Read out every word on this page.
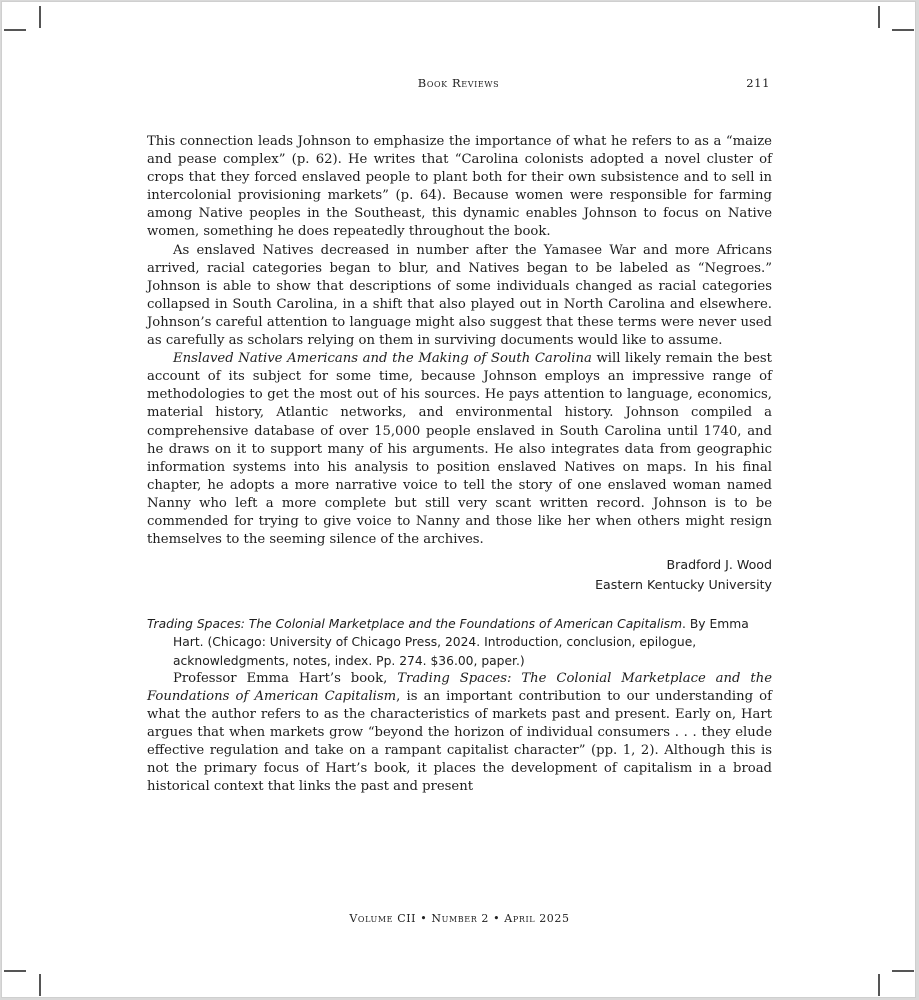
Book Reviews	211

This connection leads Johnson to emphasize the importance of what he refers to as a “maize and pease complex” (p. 62). He writes that “Carolina colonists adopted a novel cluster of crops that they forced enslaved people to plant both for their own subsistence and to sell in intercolonial provisioning markets” (p. 64). Because women were responsible for farming among Native peoples in the Southeast, this dynamic enables Johnson to focus on Native women, something he does repeatedly throughout the book.

As enslaved Natives decreased in number after the Yamasee War and more Africans arrived, racial categories began to blur, and Natives began to be labeled as “Negroes.” Johnson is able to show that descriptions of some individuals changed as racial categories collapsed in South Carolina, in a shift that also played out in North Carolina and elsewhere. Johnson’s careful attention to language might also suggest that these terms were never used as carefully as scholars relying on them in surviving documents would like to assume.

Enslaved Native Americans and the Making of South Carolina will likely remain the best account of its subject for some time, because Johnson employs an impressive range of methodologies to get the most out of his sources. He pays attention to language, economics, material history, Atlantic networks, and environmental history. Johnson compiled a comprehensive database of over 15,000 people enslaved in South Carolina until 1740, and he draws on it to support many of his arguments. He also integrates data from geographic information systems into his analysis to position enslaved Natives on maps. In his final chapter, he adopts a more narrative voice to tell the story of one enslaved woman named Nanny who left a more complete but still very scant written record. Johnson is to be commended for trying to give voice to Nanny and those like her when others might resign themselves to the seeming silence of the archives.

Bradford J. Wood
Eastern Kentucky University
Trading Spaces: The Colonial Marketplace and the Foundations of American Capitalism. By Emma Hart. (Chicago: University of Chicago Press, 2024. Introduction, conclusion, epilogue, acknowledgments, notes, index. Pp. 274. $36.00, paper.)

Professor Emma Hart’s book, Trading Spaces: The Colonial Marketplace and the Foundations of American Capitalism, is an important contribution to our understanding of what the author refers to as the characteristics of markets past and present. Early on, Hart argues that when markets grow “beyond the horizon of individual consumers . . . they elude effective regulation and take on a rampant capitalist character” (pp. 1, 2). Although this is not the primary focus of Hart’s book, it places the development of capitalism in a broad historical context that links the past and present

Volume CII • Number 2 • April 2025
